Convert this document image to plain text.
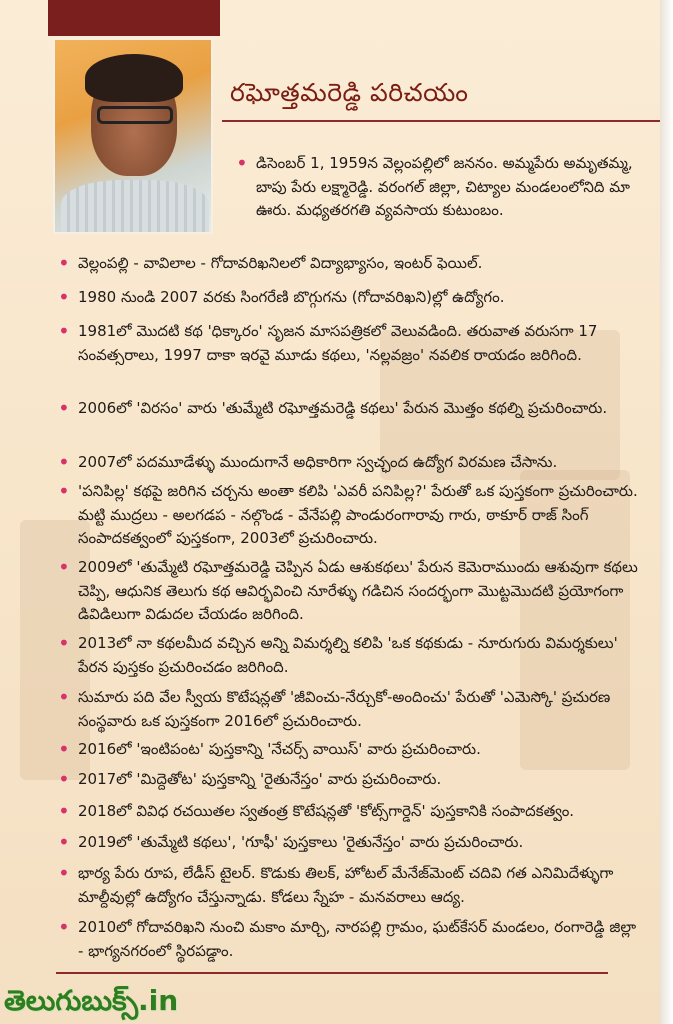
రఘోత్తమరెడ్డి పరిచయం
• డిసెంబర్ 1, 1959న వెల్లంపల్లిలో జననం. అమ్మపేరు అమృతమ్మ, బాపు పేరు లక్ష్మారెడ్డి. వరంగల్ జిల్లా, చిట్యాల మండలంలోనిది మా ఊరు. మధ్యతరగతి వ్యవసాయ కుటుంబం.
• వెల్లంపల్లి - వావిలాల - గోదావరిఖనిలలో విద్యాభ్యాసం, ఇంటర్ ఫెయిల్.
• 1980 నుండి 2007 వరకు సింగరేణి బొగ్గుగను (గోదావరిఖని)ల్లో ఉద్యోగం.
• 1981లో మొదటి కథ 'ధిక్కారం' సృజన మాసపత్రికలో వెలువడింది. తరువాత వరుసగా 17 సంవత్సరాలు, 1997 దాకా ఇరవై మూడు కథలు, 'నల్లవజ్రం' నవలిక రాయడం జరిగింది.
• 2006లో 'విరసం' వారు 'తుమ్మేటి రఘోత్తమరెడ్డి కథలు' పేరున మొత్తం కథల్ని ప్రచురించారు.
• 2007లో పదమూడేళ్ళు ముందుగానే అధికారిగా స్వచ్ఛంద ఉద్యోగ విరమణ చేసాను.
• 'పనిపిల్ల' కథపై జరిగిన చర్చను అంతా కలిపి 'ఎవరీ పనిపిల్ల?' పేరుతో ఒక పుస్తకంగా ప్రచురించారు. మట్టి ముద్రలు - అలగడప - నల్గొండ - వేనేపల్లి పాండురంగారావు గారు, ఠాకూర్ రాజ్ సింగ్ సంపాదకత్వంలో పుస్తకంగా, 2003లో ప్రచురించారు.
• 2009లో 'తుమ్మేటి రఘోత్తమరెడ్డి చెప్పిన ఏడు ఆశుకథలు' పేరున కెమెరాముందు ఆశువుగా కథలు చెప్పి, ఆధునిక తెలుగు కథ ఆవిర్భవించి నూరేళ్ళు గడిచిన సందర్భంగా మొట్టమొదటి ప్రయోగంగా డివిడిలుగా విడుదల చేయడం జరిగింది.
• 2013లో నా కథలమీద వచ్చిన అన్ని విమర్శల్ని కలిపి 'ఒక కథకుడు - నూరుగురు విమర్శకులు' పేరన పుస్తకం ప్రచురించడం జరిగింది.
• సుమారు పది వేల స్వీయ కొటేషన్లతో 'జీవించు-నేర్చుకో-అందించు' పేరుతో 'ఎమెస్కో' ప్రచురణ సంస్థవారు ఒక పుస్తకంగా 2016లో ప్రచురించారు.
• 2016లో 'ఇంటిపంట' పుస్తకాన్ని 'నేచర్స్ వాయిస్' వారు ప్రచురించారు.
• 2017లో 'మిద్దెతోట' పుస్తకాన్ని 'రైతునేస్తం' వారు ప్రచురించారు.
• 2018లో వివిధ రచయితల స్వతంత్ర కొటేషన్లతో 'కోట్స్‌గార్డెన్' పుస్తకానికి సంపాదకత్వం.
• 2019లో 'తుమ్మేటి కథలు', 'గూఫీ' పుస్తకాలు 'రైతునేస్తం' వారు ప్రచురించారు.
• భార్య పేరు రూప, లేడీస్ టైలర్. కొడుకు తిలక్, హోటల్ మేనేజ్‌మెంట్ చదివి గత ఎనిమిదేళ్ళుగా మాల్దీవుల్లో ఉద్యోగం చేస్తున్నాడు. కోడలు స్నేహ - మనవరాలు ఆద్య.
• 2010లో గోదావరిఖని నుంచి మకాం మార్చి, నారపల్లి గ్రామం, ఘట్‌కేసర్ మండలం, రంగారెడ్డి జిల్లా - భాగ్యనగరంలో స్థిరపడ్డాం.
తెలుగుబుక్స్.in
